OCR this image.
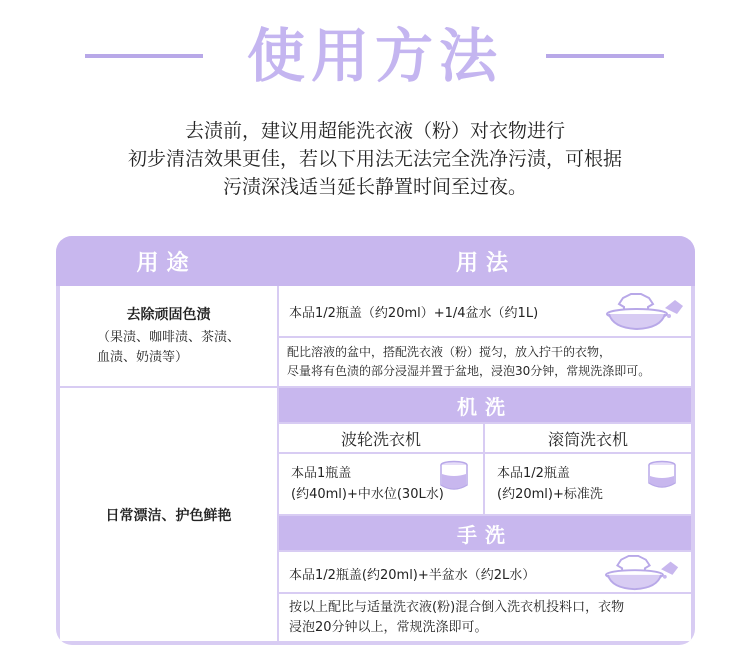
使用方法
去渍前，建议用超能洗衣液（粉）对衣物进行
初步清洁效果更佳，若以下用法无法完全洗净污渍，可根据
污渍深浅适当延长静置时间至过夜。
用途	用法
去除顽固色渍
（果渍、咖啡渍、茶渍、
血渍、奶渍等）
本品1/2瓶盖（约20ml）+1/4盆水（约1L)
配比溶液的盆中，搭配洗衣液（粉）搅匀，放入拧干的衣物，
尽量将有色渍的部分浸湿并置于盆地，浸泡30分钟，常规洗涤即可。
日常漂洁、护色鲜艳
机洗
波轮洗衣机	滚筒洗衣机
本品1瓶盖
(约40ml)+中水位(30L水)
本品1/2瓶盖
(约20ml)+标准洗
手洗
本品1/2瓶盖(约20ml)+半盆水（约2L水）
按以上配比与适量洗衣液(粉)混合倒入洗衣机投料口，衣物
浸泡20分钟以上，常规洗涤即可。
